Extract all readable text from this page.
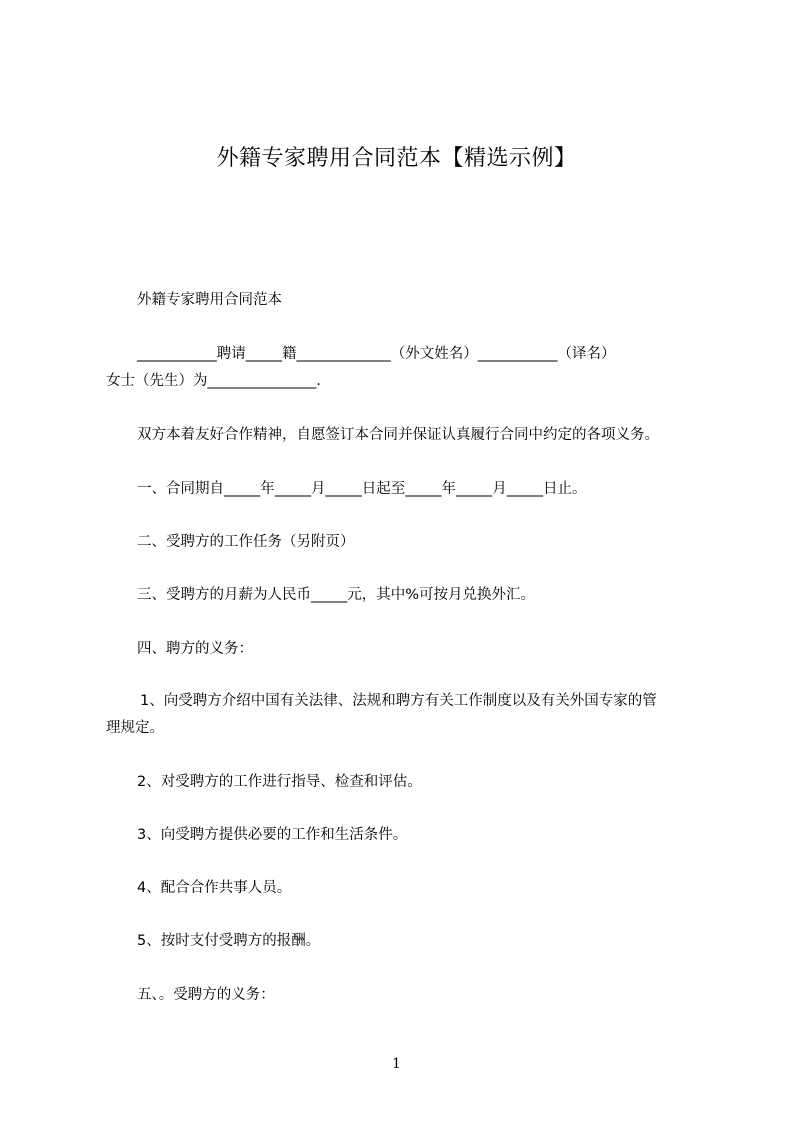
外籍专家聘用合同范本【精选示例】
外籍专家聘用合同范本
___________聘请_____籍_____________（外文姓名）___________（译名）
女士（先生）为_______________.
双方本着友好合作精神，自愿签订本合同并保证认真履行合同中约定的各项义务。
一、合同期自_____年_____月_____日起至_____年_____月_____日止。
二、受聘方的工作任务（另附页）
三、受聘方的月薪为人民币_____元，其中%可按月兑换外汇。
四、聘方的义务：
1、向受聘方介绍中国有关法律、法规和聘方有关工作制度以及有关外国专家的管
理规定。
2、对受聘方的工作进行指导、检查和评估。
3、向受聘方提供必要的工作和生活条件。
4、配合合作共事人员。
5、按时支付受聘方的报酬。
五、。受聘方的义务：
1
